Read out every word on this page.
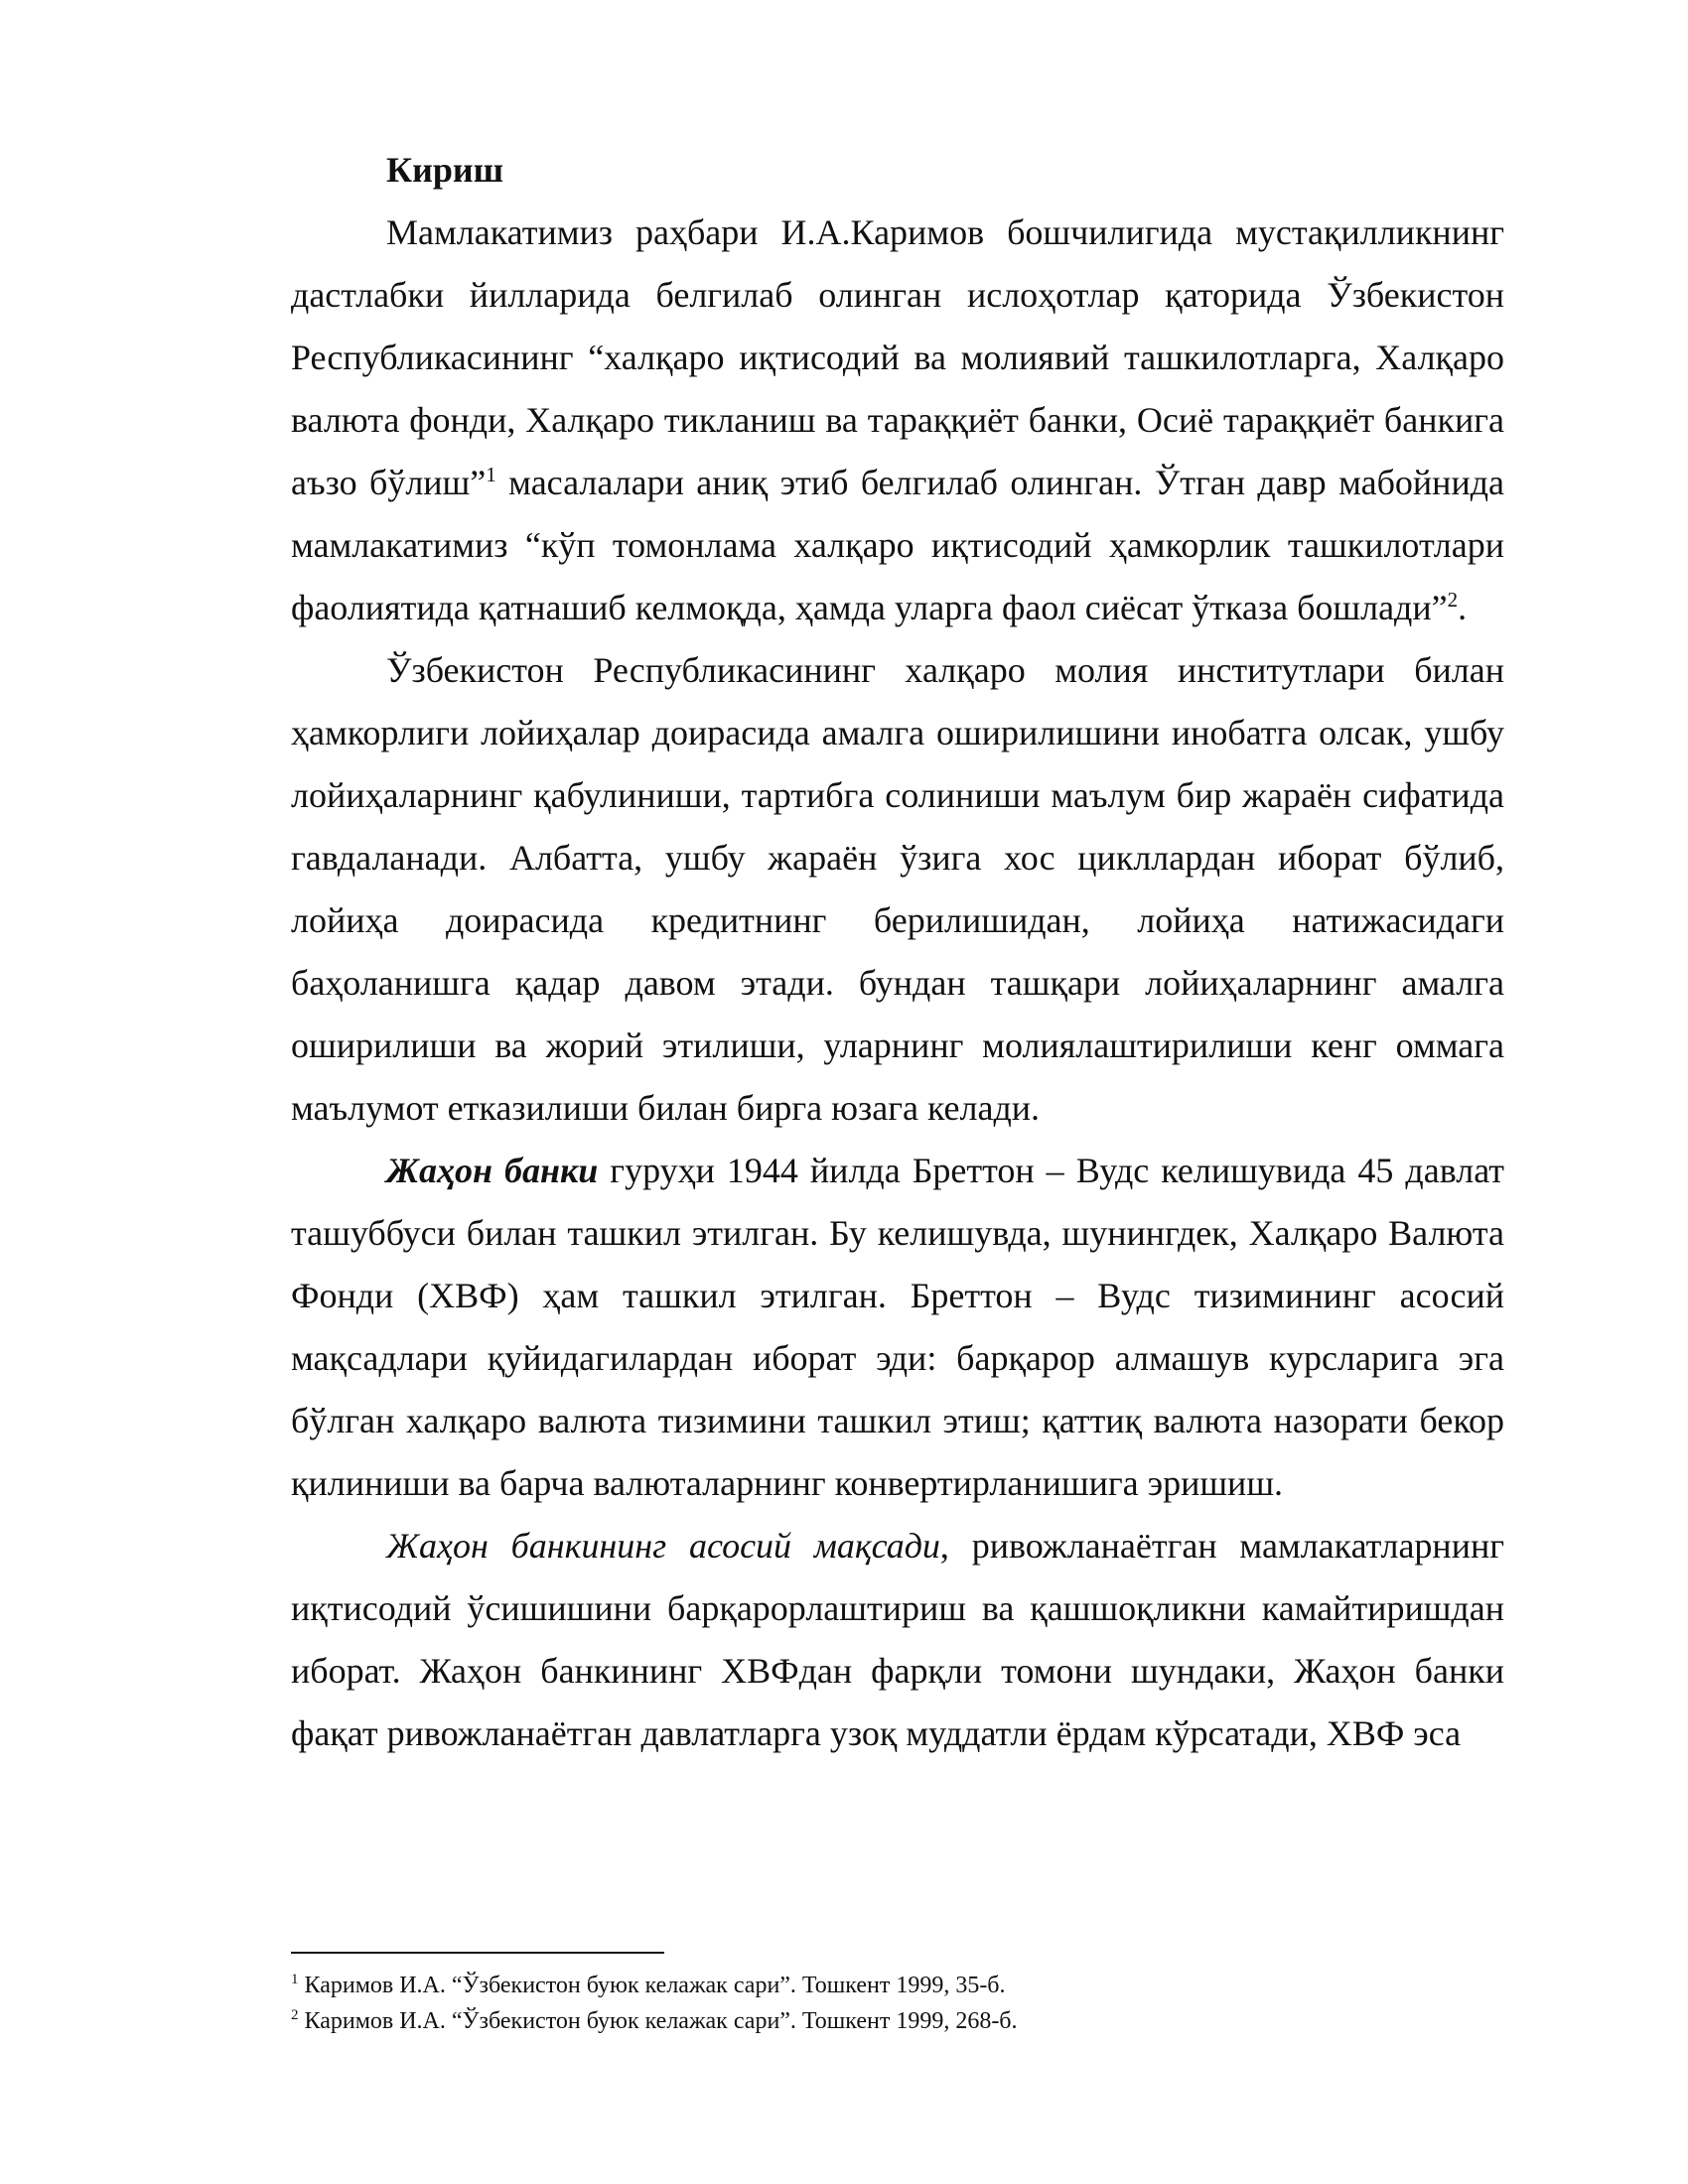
Кириш

Мамлакатимиз раҳбари И.А.Каримов бошчилигида мустақилликнинг дастлабки йилларида белгилаб олинган ислоҳотлар қаторида Ўзбекистон Республикасининг “халқаро иқтисодий ва молиявий ташкилотларга, Халқаро валюта фонди, Халқаро тикланиш ва тараққиёт банки, Осиё тараққиёт банкига аъзо бўлиш”$^1$ масалалари аниқ этиб белгилаб олинган. Ўтган давр мабойнида мамлакатимиз “кўп томонлама халқаро иқтисодий ҳамкорлик ташкилотлари фаолиятида қатнашиб келмоқда, ҳамда уларга фаол сиёсат ўтказа бошлади”$^2$.

Ўзбекистон Республикасининг халқаро молия институтлари билан ҳамкорлиги лойиҳалар доирасида амалга оширилишини инобатга олсак, ушбу лойиҳаларнинг қабулиниши, тартибга солиниши маълум бир жараён сифатида гавдаланади. Албатта, ушбу жараён ўзига хос цикллардан иборат бўлиб, лойиҳа доирасида кредитнинг берилишидан, лойиҳа натижасидаги баҳоланишга қадар давом этади. бундан ташқари лойиҳаларнинг амалга оширилиши ва жорий этилиши, уларнинг молиялаштирилиши кенг оммага маълумот етказилиши билан бирга юзага келади.

Жаҳон банки гуруҳи 1944 йилда Бреттон – Вудс келишувида 45 давлат ташуббуси билан ташкил этилган. Бу келишувда, шунингдек, Халқаро Валюта Фонди (ХВФ) ҳам ташкил этилган. Бреттон – Вудс тизимининг асосий мақсадлари қуйидагилардан иборат эди: барқарор алмашув курсларига эга бўлган халқаро валюта тизимини ташкил этиш; қаттиқ валюта назорати бекор қилиниши ва барча валюталарнинг конвертирланишига эришиш.

Жаҳон банкининг асосий мақсади, ривожланаётган мамлакатларнинг иқтисодий ўсишишини барқарорлаштириш ва қашшоқликни камайтиришдан иборат. Жаҳон банкининг ХВФдан фарқли томони шундаки, Жаҳон банки фақат ривожланаётган давлатларга узоқ муддатли ёрдам кўрсатади, ХВФ эса

$^1$ Каримов И.А. “Ўзбекистон буюк келажак сари”. Тошкент 1999, 35-б.
$^2$ Каримов И.А. “Ўзбекистон буюк келажак сари”. Тошкент 1999, 268-б.
